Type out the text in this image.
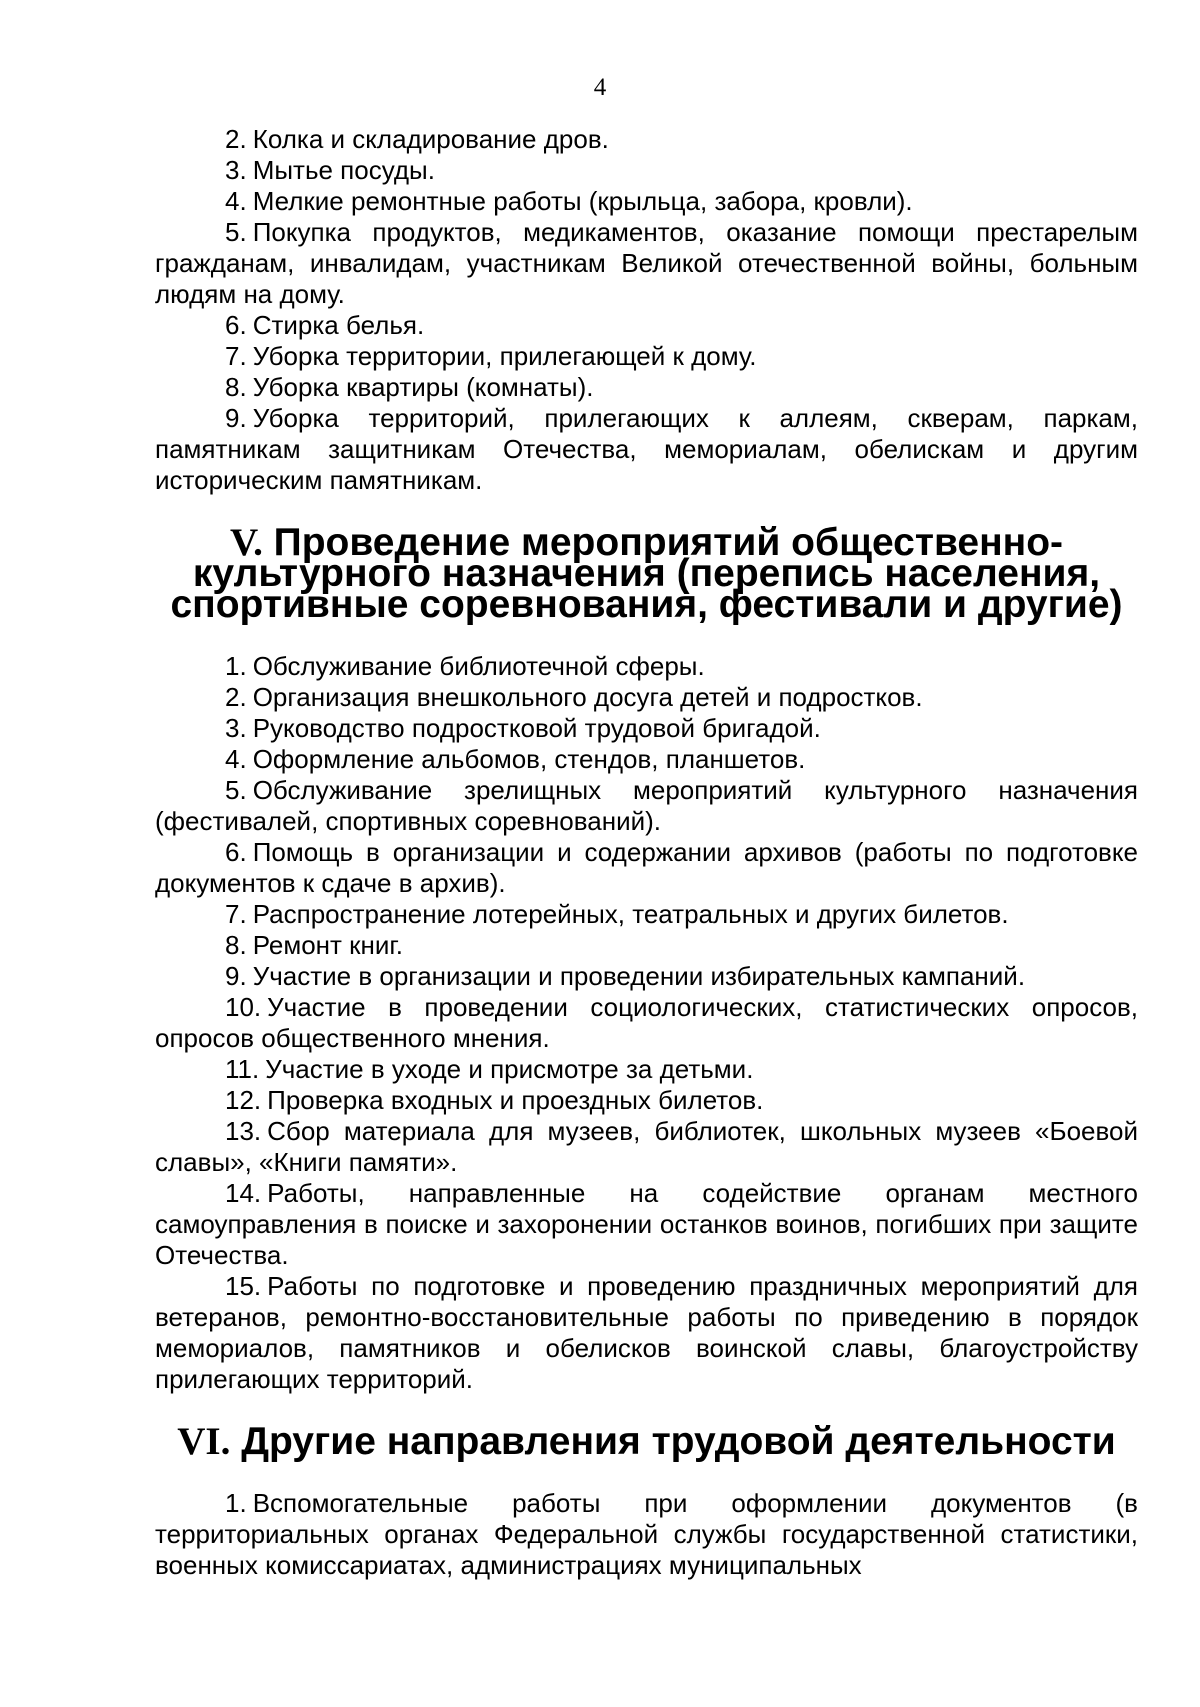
4

2. Колка и складирование дров.

3. Мытье посуды.

4. Мелкие ремонтные работы (крыльца, забора, кровли).

5. Покупка продуктов, медикаментов, оказание помощи престарелым гражданам, инвалидам, участникам Великой отечественной войны, больным людям на дому.

6. Стирка белья.

7. Уборка территории, прилегающей к дому.

8. Уборка квартиры (комнаты).

9. Уборка территорий, прилегающих к аллеям, скверам, паркам, памятникам защитникам Отечества, мемориалам, обелискам и другим историческим памятникам.

V. Проведение мероприятий общественно-культурного назначения (перепись населения, спортивные соревнования, фестивали и другие)

1. Обслуживание библиотечной сферы.

2. Организация внешкольного досуга детей и подростков.

3. Руководство подростковой трудовой бригадой.

4. Оформление альбомов, стендов, планшетов.

5. Обслуживание зрелищных мероприятий культурного назначения (фестивалей, спортивных соревнований).

6. Помощь в организации и содержании архивов (работы по подготовке документов к сдаче в архив).

7. Распространение лотерейных, театральных и других билетов.

8. Ремонт книг.

9. Участие в организации и проведении избирательных кампаний.

10. Участие в проведении социологических, статистических опросов, опросов общественного мнения.

11. Участие в уходе и присмотре за детьми.

12. Проверка входных и проездных билетов.

13. Сбор материала для музеев, библиотек, школьных музеев «Боевой славы», «Книги памяти».

14. Работы, направленные на содействие органам местного самоуправления в поиске и захоронении останков воинов, погибших при защите Отечества.

15. Работы по подготовке и проведению праздничных мероприятий для ветеранов, ремонтно-восстановительные работы по приведению в порядок мемориалов, памятников и обелисков воинской славы, благоустройству прилегающих территорий.

VI. Другие направления трудовой деятельности

1. Вспомогательные работы при оформлении документов (в территориальных органах Федеральной службы государственной статистики, военных комиссариатах, администрациях муниципальных
